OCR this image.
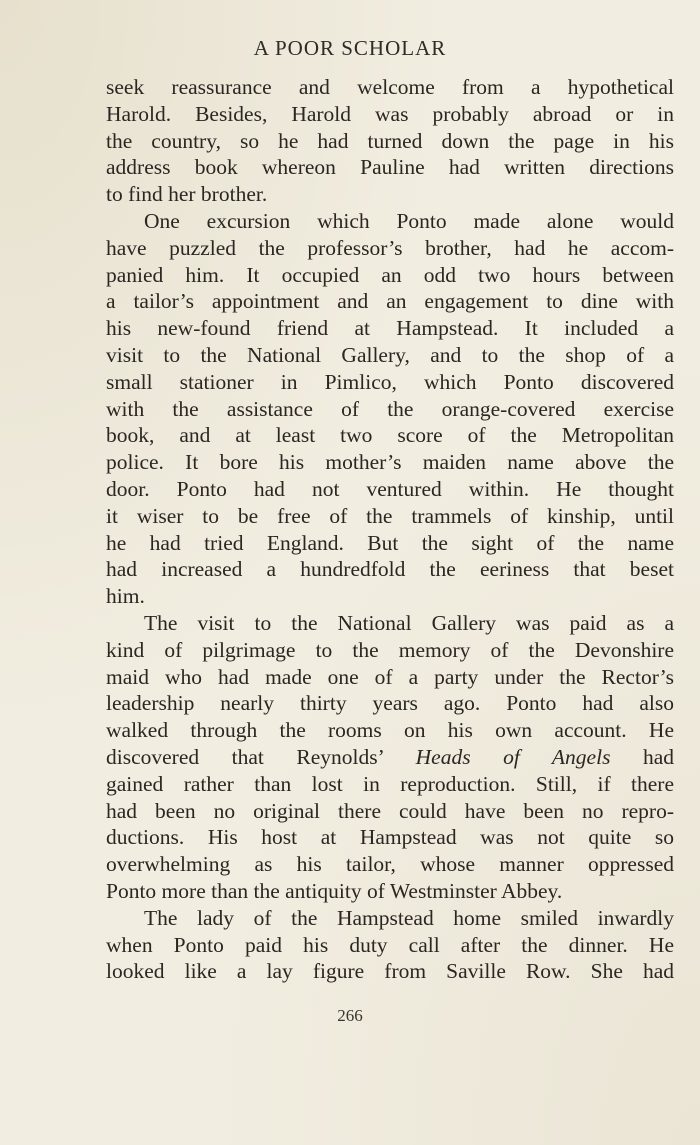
A POOR SCHOLAR
seek reassurance and welcome from a hypothetical
Harold. Besides, Harold was probably abroad or in
the country, so he had turned down the page in his
address book whereon Pauline had written directions
to find her brother.
One excursion which Ponto made alone would
have puzzled the professor’s brother, had he accom-
panied him. It occupied an odd two hours between
a tailor’s appointment and an engagement to dine with
his new-found friend at Hampstead. It included a
visit to the National Gallery, and to the shop of a
small stationer in Pimlico, which Ponto discovered
with the assistance of the orange-covered exercise
book, and at least two score of the Metropolitan
police. It bore his mother’s maiden name above the
door. Ponto had not ventured within. He thought
it wiser to be free of the trammels of kinship, until
he had tried England. But the sight of the name
had increased a hundredfold the eeriness that beset
him.
The visit to the National Gallery was paid as a
kind of pilgrimage to the memory of the Devonshire
maid who had made one of a party under the Rector’s
leadership nearly thirty years ago. Ponto had also
walked through the rooms on his own account. He
discovered that Reynolds’ Heads of Angels had
gained rather than lost in reproduction. Still, if there
had been no original there could have been no repro-
ductions. His host at Hampstead was not quite so
overwhelming as his tailor, whose manner oppressed
Ponto more than the antiquity of Westminster Abbey.
The lady of the Hampstead home smiled inwardly
when Ponto paid his duty call after the dinner. He
looked like a lay figure from Saville Row. She had
266
